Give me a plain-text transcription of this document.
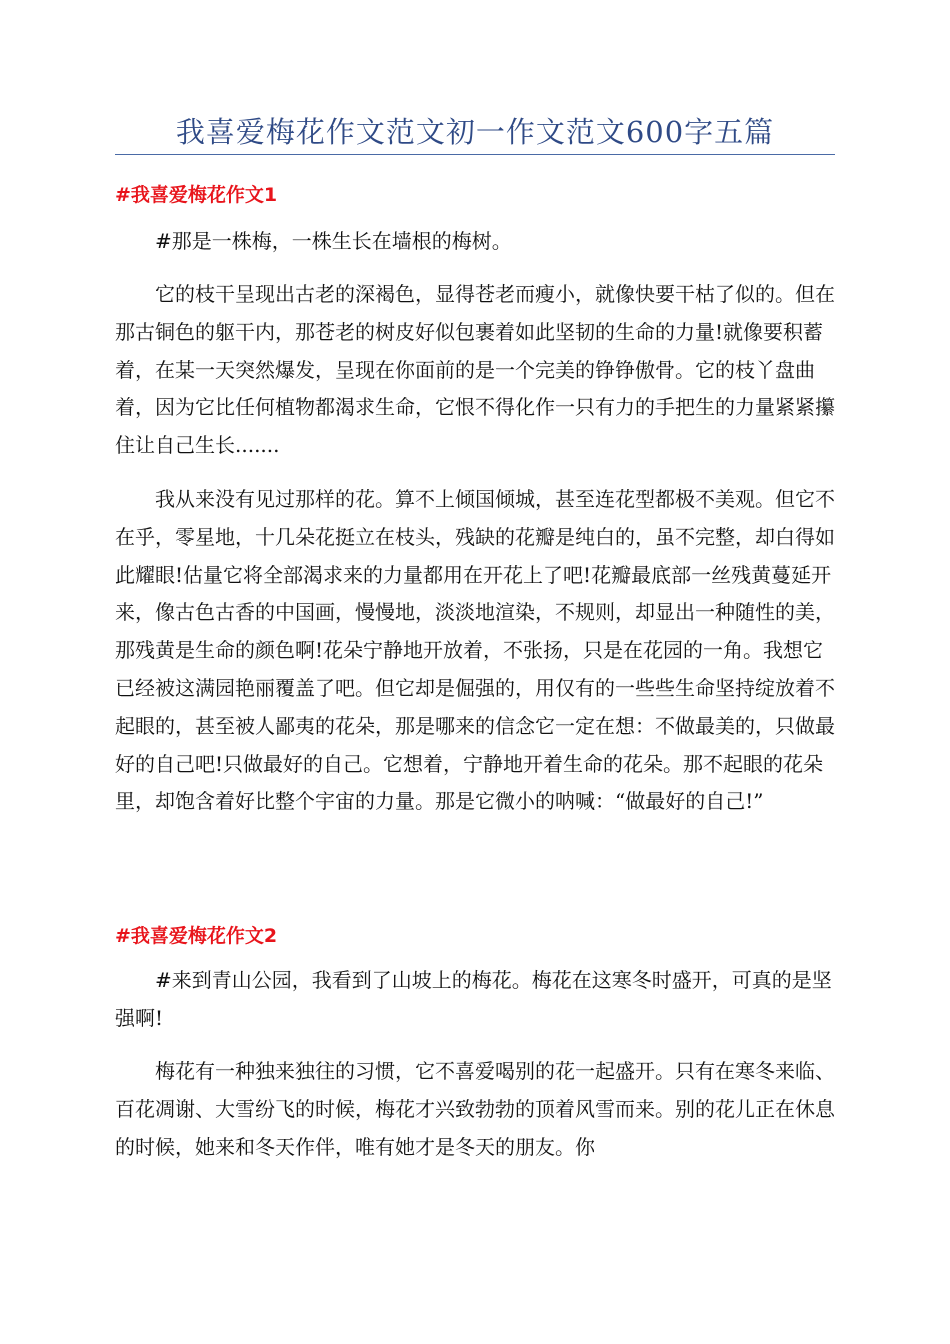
我喜爱梅花作文范文初一作文范文600字五篇
#我喜爱梅花作文1

#那是一株梅，一株生长在墙根的梅树。

它的枝干呈现出古老的深褐色，显得苍老而瘦小，就像快要干枯了似的。但在那古铜色的躯干内，那苍老的树皮好似包裹着如此坚韧的生命的力量!就像要积蓄着，在某一天突然爆发，呈现在你面前的是一个完美的铮铮傲骨。它的枝丫盘曲着，因为它比任何植物都渴求生命，它恨不得化作一只有力的手把生的力量紧紧攥住让自己生长.......

我从来没有见过那样的花。算不上倾国倾城，甚至连花型都极不美观。但它不在乎，零星地，十几朵花挺立在枝头，残缺的花瓣是纯白的，虽不完整，却白得如此耀眼!估量它将全部渴求来的力量都用在开花上了吧!花瓣最底部一丝残黄蔓延开来，像古色古香的中国画，慢慢地，淡淡地渲染，不规则，却显出一种随性的美，那残黄是生命的颜色啊!花朵宁静地开放着，不张扬，只是在花园的一角。我想它已经被这满园艳丽覆盖了吧。但它却是倔强的，用仅有的一些些生命坚持绽放着不起眼的，甚至被人鄙夷的花朵，那是哪来的信念它一定在想：不做最美的，只做最好的自己吧!只做最好的自己。它想着，宁静地开着生命的花朵。那不起眼的花朵里，却饱含着好比整个宇宙的力量。那是它微小的呐喊：“做最好的自己!”

#我喜爱梅花作文2

#来到青山公园，我看到了山坡上的梅花。梅花在这寒冬时盛开，可真的是坚强啊!

梅花有一种独来独往的习惯，它不喜爱喝别的花一起盛开。只有在寒冬来临、百花凋谢、大雪纷飞的时候，梅花才兴致勃勃的顶着风雪而来。别的花儿正在休息的时候，她来和冬天作伴，唯有她才是冬天的朋友。你
